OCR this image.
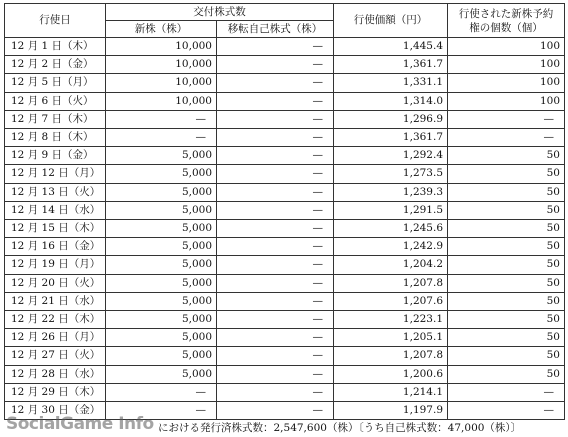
行使日	交付株式数		行使価額（円）	行使された新株予約権の個数（個）
	新株（株）	移転自己株式（株）		
12 月 1 日（木）	10,000	—	1,445.4	100
12 月 2 日（金）	10,000	—	1,361.7	100
12 月 5 日（月）	10,000	—	1,331.1	100
12 月 6 日（火）	10,000	—	1,314.0	100
12 月 7 日（木）	—	—	1,296.9	—
12 月 8 日（木）	—	—	1,361.7	—
12 月 9 日（金）	5,000	—	1,292.4	50
12 月 12 日（月）	5,000	—	1,273.5	50
12 月 13 日（火）	5,000	—	1,239.3	50
12 月 14 日（水）	5,000	—	1,291.5	50
12 月 15 日（木）	5,000	—	1,245.6	50
12 月 16 日（金）	5,000	—	1,242.9	50
12 月 19 日（月）	5,000	—	1,204.2	50
12 月 20 日（火）	5,000	—	1,207.8	50
12 月 21 日（水）	5,000	—	1,207.6	50
12 月 22 日（木）	5,000	—	1,223.1	50
12 月 26 日（月）	5,000	—	1,205.1	50
12 月 27 日（火）	5,000	—	1,207.8	50
12 月 28 日（水）	5,000	—	1,200.6	50
12 月 29 日（木）	—	—	1,214.1	—
12 月 30 日（金）	—	—	1,197.9	—
SocialGame Info における発行済株式数：2,547,600（株）〔うち自己株式数：47,000（株）〕
